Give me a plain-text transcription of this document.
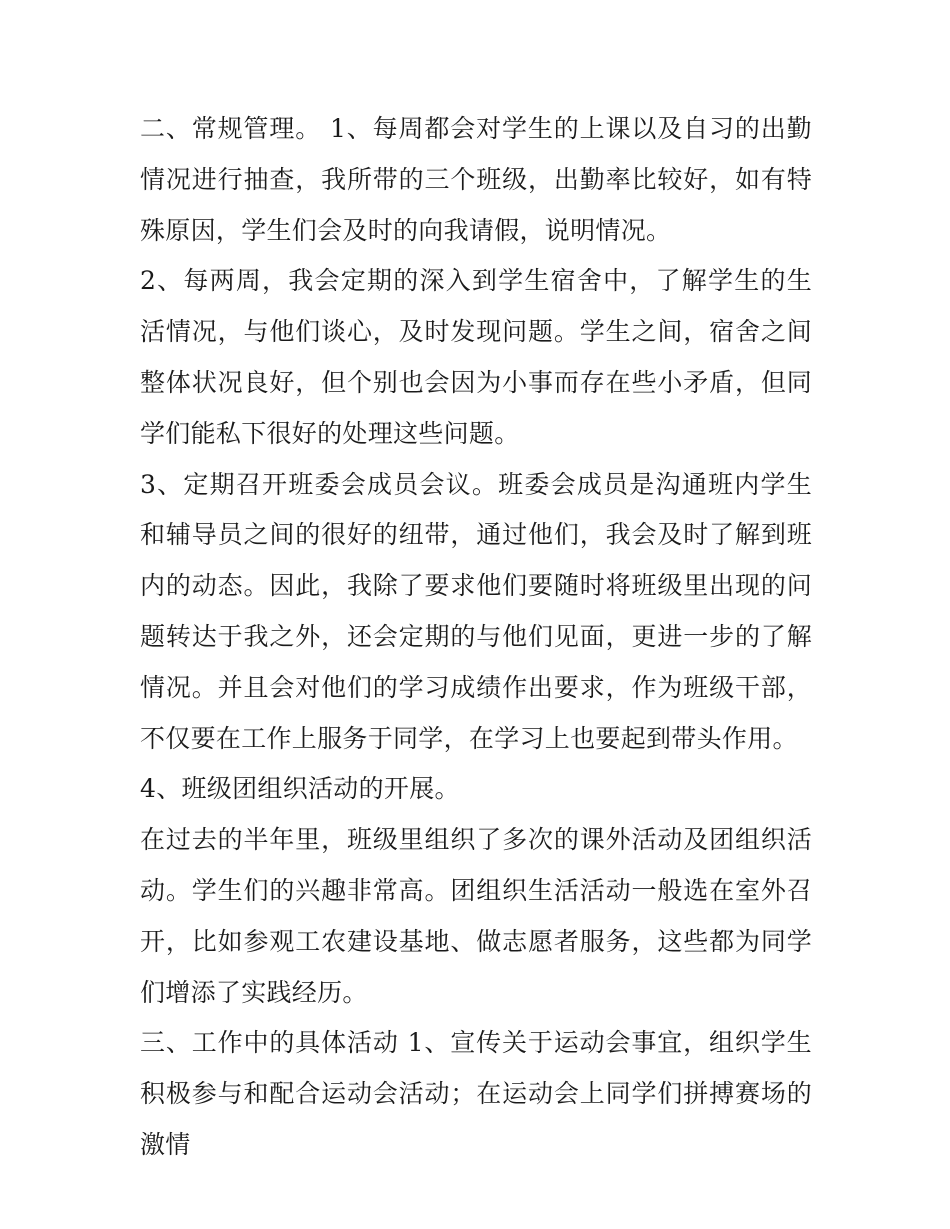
二、常规管理。 1、每周都会对学生的上课以及自习的出勤情况进行抽查，我所带的三个班级，出勤率比较好，如有特殊原因，学生们会及时的向我请假，说明情况。

2、每两周，我会定期的深入到学生宿舍中，了解学生的生活情况，与他们谈心，及时发现问题。学生之间，宿舍之间整体状况良好，但个别也会因为小事而存在些小矛盾，但同学们能私下很好的处理这些问题。

3、定期召开班委会成员会议。班委会成员是沟通班内学生和辅导员之间的很好的纽带，通过他们，我会及时了解到班内的动态。因此，我除了要求他们要随时将班级里出现的问题转达于我之外，还会定期的与他们见面，更进一步的了解情况。并且会对他们的学习成绩作出要求，作为班级干部，不仅要在工作上服务于同学，在学习上也要起到带头作用。

4、班级团组织活动的开展。

在过去的半年里，班级里组织了多次的课外活动及团组织活动。学生们的兴趣非常高。团组织生活活动一般选在室外召开，比如参观工农建设基地、做志愿者服务，这些都为同学们增添了实践经历。

三、工作中的具体活动 1、宣传关于运动会事宜，组织学生积极参与和配合运动会活动；在运动会上同学们拼搏赛场的激情
